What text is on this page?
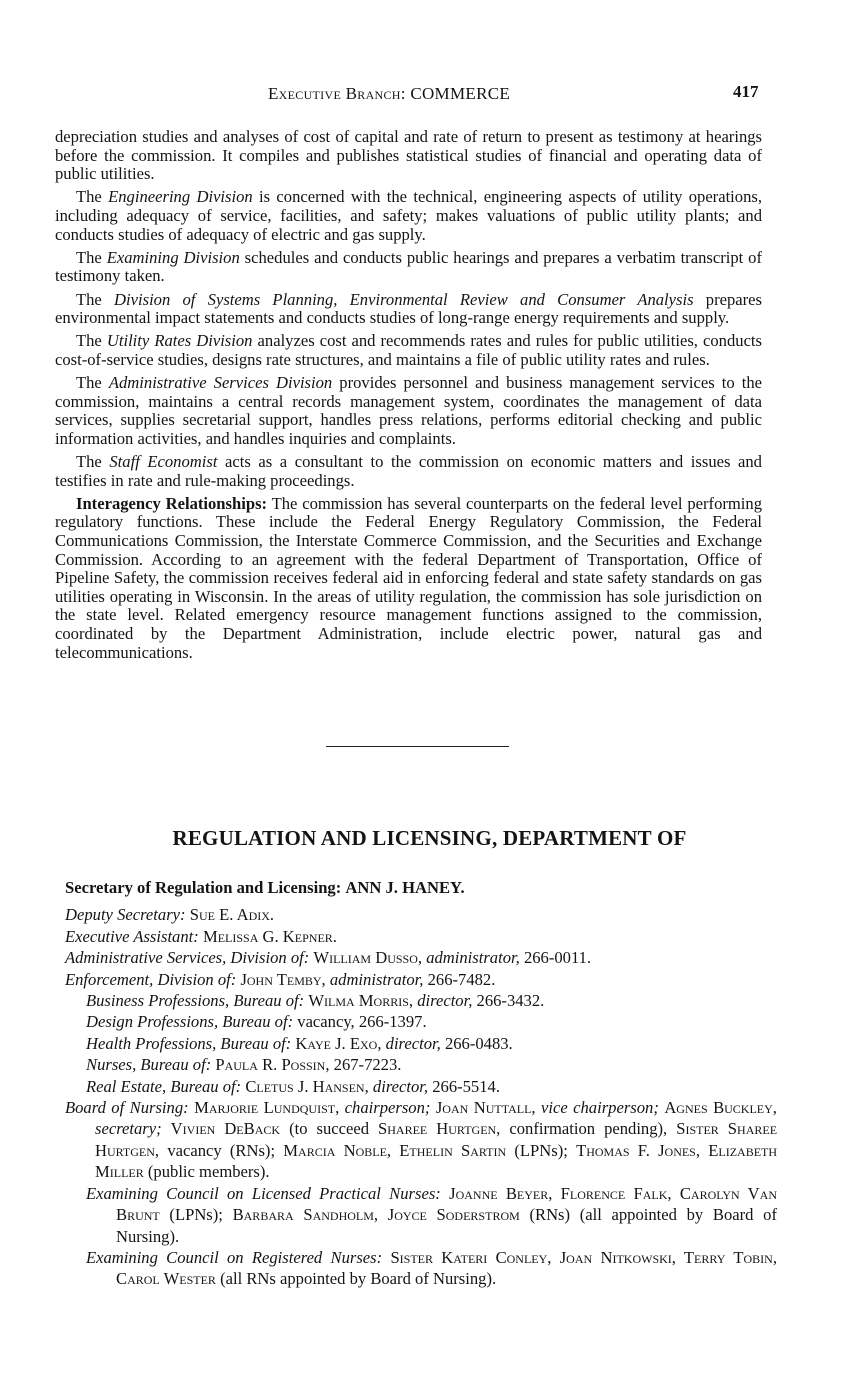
Executive Branch: COMMERCE	417

depreciation studies and analyses of cost of capital and rate of return to present as testimony at hearings before the commission. It compiles and publishes statistical studies of financial and operating data of public utilities.

The Engineering Division is concerned with the technical, engineering aspects of utility operations, including adequacy of service, facilities, and safety; makes valuations of public utility plants; and conducts studies of adequacy of electric and gas supply.

The Examining Division schedules and conducts public hearings and prepares a verbatim transcript of testimony taken.

The Division of Systems Planning, Environmental Review and Consumer Analysis prepares environmental impact statements and conducts studies of long-range energy requirements and supply.

The Utility Rates Division analyzes cost and recommends rates and rules for public utilities, conducts cost-of-service studies, designs rate structures, and maintains a file of public utility rates and rules.

The Administrative Services Division provides personnel and business management services to the commission, maintains a central records management system, coordinates the management of data services, supplies secretarial support, handles press relations, performs editorial checking and public information activities, and handles inquiries and complaints.

The Staff Economist acts as a consultant to the commission on economic matters and issues and testifies in rate and rule-making proceedings.

Interagency Relationships: The commission has several counterparts on the federal level performing regulatory functions. These include the Federal Energy Regulatory Commission, the Federal Communications Commission, the Interstate Commerce Commission, and the Securities and Exchange Commission. According to an agreement with the federal Department of Transportation, Office of Pipeline Safety, the commission receives federal aid in enforcing federal and state safety standards on gas utilities operating in Wisconsin. In the areas of utility regulation, the commission has sole jurisdiction on the state level. Related emergency resource management functions assigned to the commission, coordinated by the Department Administration, include electric power, natural gas and telecommunications.

REGULATION AND LICENSING, DEPARTMENT OF

Secretary of Regulation and Licensing: ANN J. HANEY.

Deputy Secretary: Sue E. Adix.

Executive Assistant: Melissa G. Kepner.

Administrative Services, Division of: William Dusso, administrator, 266-0011.

Enforcement, Division of: John Temby, administrator, 266-7482.

Business Professions, Bureau of: Wilma Morris, director, 266-3432.

Design Professions, Bureau of: vacancy, 266-1397.

Health Professions, Bureau of: Kaye J. Exo, director, 266-0483.

Nurses, Bureau of: Paula R. Possin, 267-7223.

Real Estate, Bureau of: Cletus J. Hansen, director, 266-5514.

Board of Nursing: Marjorie Lundquist, chairperson; Joan Nuttall, vice chairperson; Agnes Buckley, secretary; Vivien DeBack (to succeed Sharee Hurtgen, confirmation pending), Sister Sharee Hurtgen, vacancy (RNs); Marcia Noble, Ethelin Sartin (LPNs); Thomas F. Jones, Elizabeth Miller (public members).

Examining Council on Licensed Practical Nurses: Joanne Beyer, Florence Falk, Carolyn Van Brunt (LPNs); Barbara Sandholm, Joyce Soderstrom (RNs) (all appointed by Board of Nursing).

Examining Council on Registered Nurses: Sister Kateri Conley, Joan Nitkowski, Terry Tobin, Carol Wester (all RNs appointed by Board of Nursing).
